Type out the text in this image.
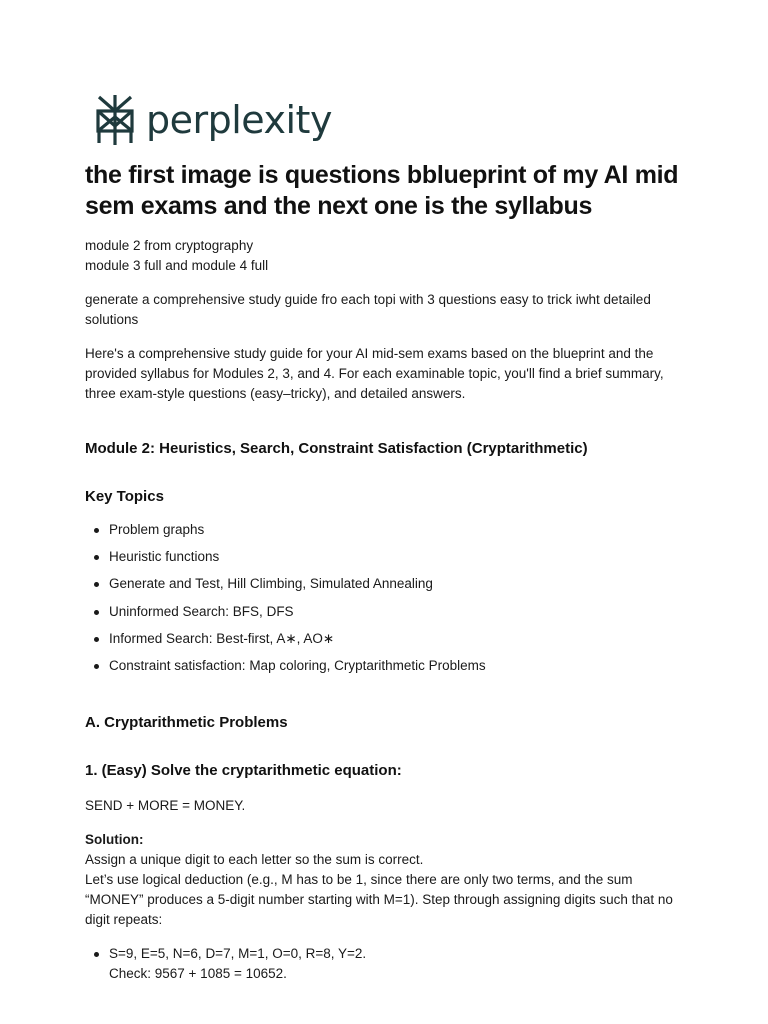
perplexity
the first image is questions bblueprint of my AI mid sem exams and the next one is the syllabus
module 2 from cryptography
module 3 full and module 4 full

generate a comprehensive study guide fro each topi with 3 questions easy to trick iwht detailed solutions

Here's a comprehensive study guide for your AI mid-sem exams based on the blueprint and the provided syllabus for Modules 2, 3, and 4. For each examinable topic, you'll find a brief summary, three exam-style questions (easy–tricky), and detailed answers.

Module 2: Heuristics, Search, Constraint Satisfaction (Cryptarithmetic)
Key Topics
Problem graphs
Heuristic functions
Generate and Test, Hill Climbing, Simulated Annealing
Uninformed Search: BFS, DFS
Informed Search: Best-first, A∗, AO∗
Constraint satisfaction: Map coloring, Cryptarithmetic Problems
A. Cryptarithmetic Problems
1. (Easy) Solve the cryptarithmetic equation:

SEND + MORE = MONEY.

Solution:
Assign a unique digit to each letter so the sum is correct.
Let’s use logical deduction (e.g., M has to be 1, since there are only two terms, and the sum “MONEY” produces a 5-digit number starting with M=1). Step through assigning digits such that no digit repeats:
S=9, E=5, N=6, D=7, M=1, O=0, R=8, Y=2.
Check: 9567 + 1085 = 10652.
